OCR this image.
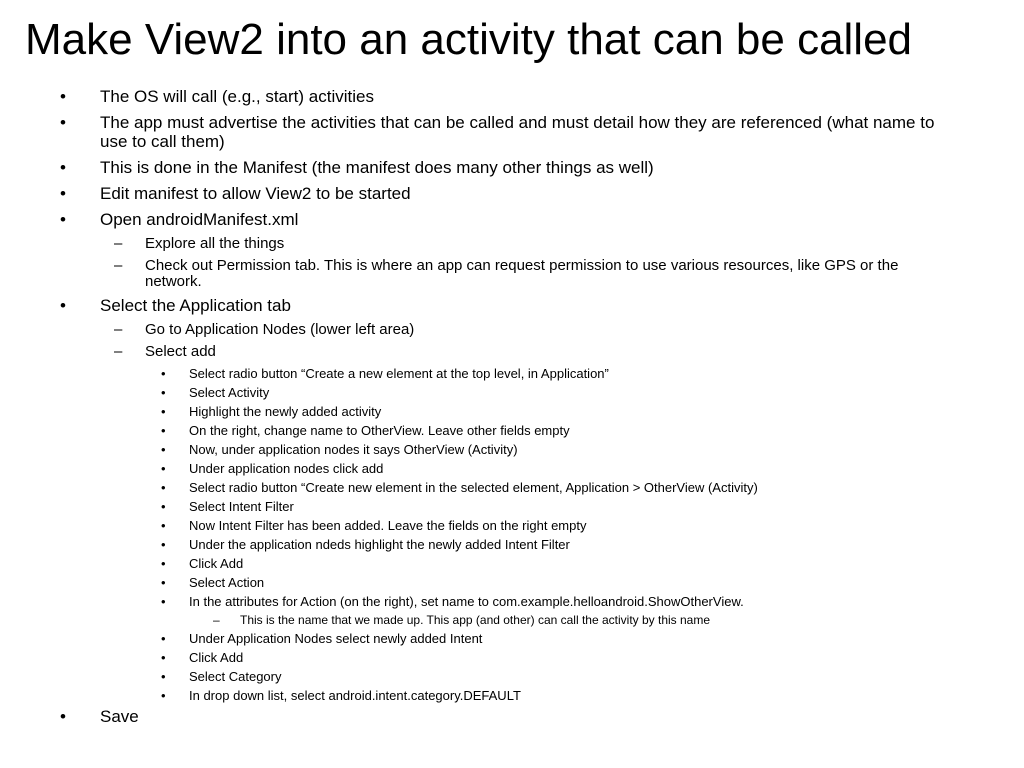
Make View2 into an activity that can be called
• The OS will call (e.g., start) activities
• The app must advertise the activities that can be called and must detail how they are referenced (what name to use to call them)
• This is done in the Manifest (the manifest does many other things as well)
• Edit manifest to allow View2 to be started
• Open androidManifest.xml
– Explore all the things
– Check out Permission tab. This is where an app can request permission to use various resources, like GPS or the network.
• Select the Application tab
– Go to Application Nodes (lower left area)
– Select add
• Select radio button “Create a new element at the top level, in Application”
• Select Activity
• Highlight the newly added activity
• On the right, change name to OtherView. Leave other fields empty
• Now, under application nodes it says OtherView (Activity)
• Under application nodes click add
• Select radio button “Create new element in the selected element, Application > OtherView (Activity)
• Select Intent Filter
• Now Intent Filter has been added. Leave the fields on the right empty
• Under the application ndeds highlight the newly added Intent Filter
• Click Add
• Select Action
• In the attributes for Action (on the right), set name to com.example.helloandroid.ShowOtherView.
– This is the name that we made up. This app (and other) can call the activity by this name
• Under Application Nodes select newly added Intent
• Click Add
• Select Category
• In drop down list, select android.intent.category.DEFAULT
• Save
